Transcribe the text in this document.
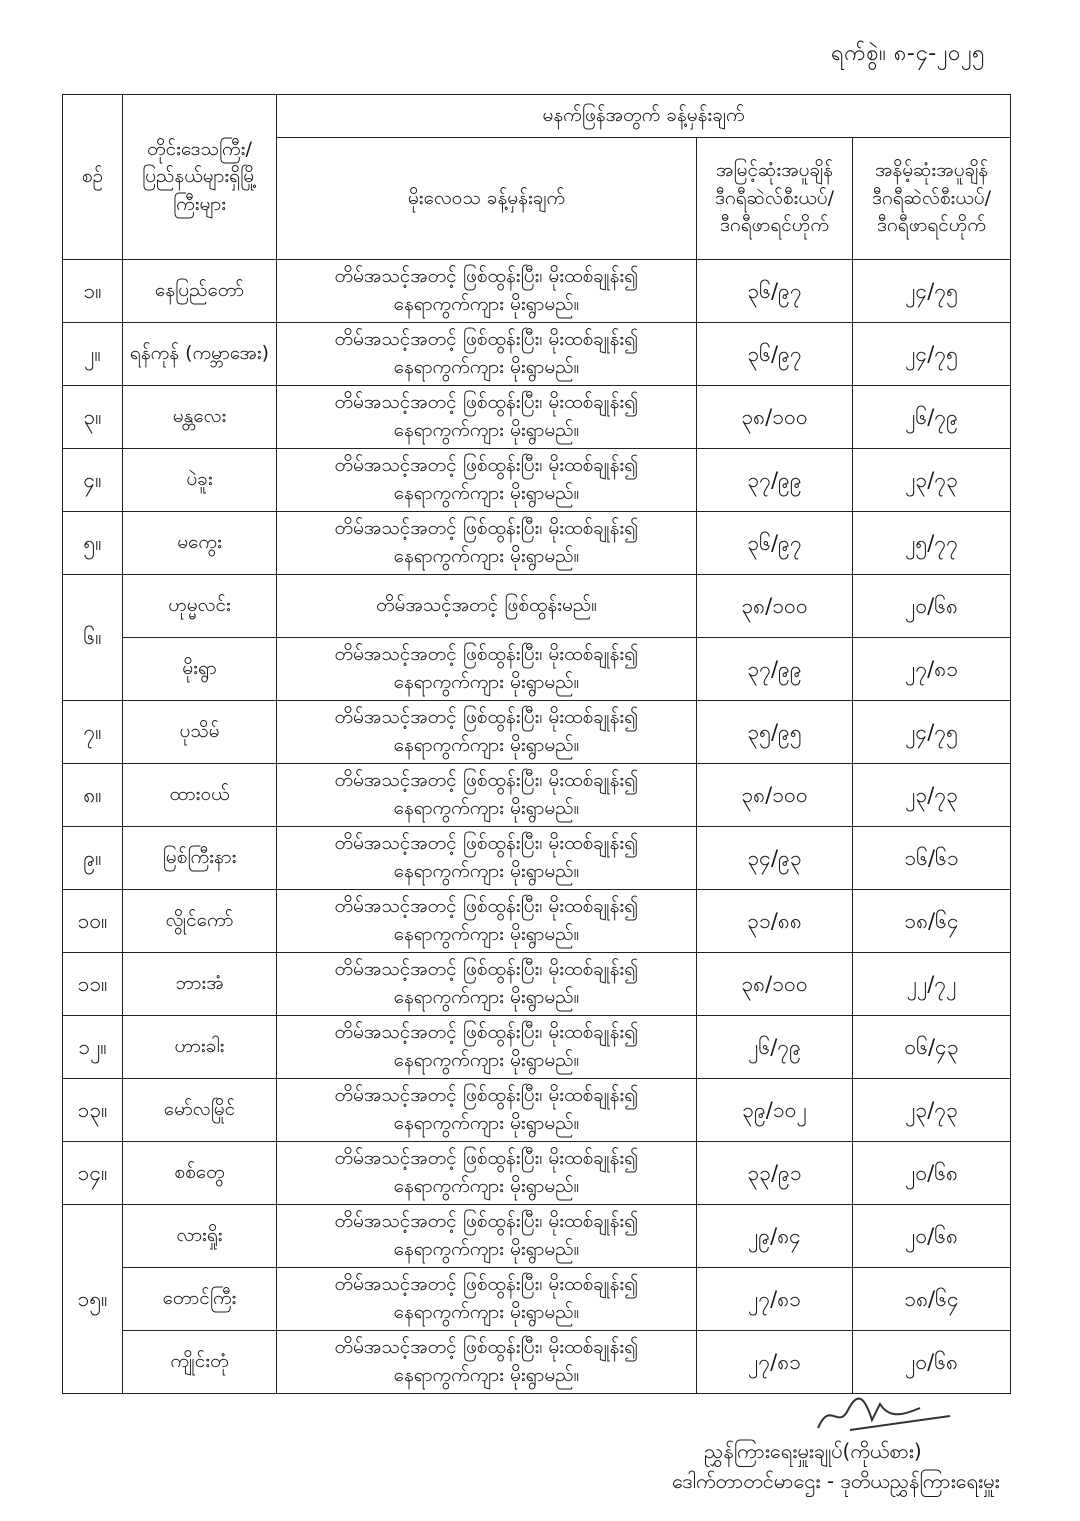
ရက်စွဲ။ ၈-၄-၂၀၂၅
စဉ်	တိုင်းဒေသကြီး/ ပြည်နယ်များရှိမြို့ ကြီးများ	မနက်ဖြန်အတွက် ခန့်မှန်းချက်		
		မိုးလေဝသ ခန့်မှန်းချက်	အမြင့်ဆုံးအပူချိန် ဒီဂရီဆဲလ်စီးယပ်/ ဒီဂရီဖာရင်ဟိုက်	အနိမ့်ဆုံးအပူချိန် ဒီဂရီဆဲလ်စီးယပ်/ ဒီဂရီဖာရင်ဟိုက်
၁။	နေပြည်တော်	တိမ်အသင့်အတင့် ဖြစ်ထွန်းပြီး၊ မိုးထစ်ချုန်း၍
နေရာကွက်ကျား မိုးရွာမည်။	၃၆/၉၇	၂၄/၇၅
၂။	ရန်ကုန် (ကမ္ဘာအေး)	တိမ်အသင့်အတင့် ဖြစ်ထွန်းပြီး၊ မိုးထစ်ချုန်း၍
နေရာကွက်ကျား မိုးရွာမည်။	၃၆/၉၇	၂၄/၇၅
၃။	မန္တလေး	တိမ်အသင့်အတင့် ဖြစ်ထွန်းပြီး၊ မိုးထစ်ချုန်း၍
နေရာကွက်ကျား မိုးရွာမည်။	၃၈/၁၀၀	၂၆/၇၉
၄။	ပဲခူး	တိမ်အသင့်အတင့် ဖြစ်ထွန်းပြီး၊ မိုးထစ်ချုန်း၍
နေရာကွက်ကျား မိုးရွာမည်။	၃၇/၉၉	၂၃/၇၃
၅။	မကွေး	တိမ်အသင့်အတင့် ဖြစ်ထွန်းပြီး၊ မိုးထစ်ချုန်း၍
နေရာကွက်ကျား မိုးရွာမည်။	၃၆/၉၇	၂၅/၇၇
၆။	ဟုမ္မလင်း	တိမ်အသင့်အတင့် ဖြစ်ထွန်းမည်။	၃၈/၁၀၀	၂၀/၆၈
	မိုးရွာ	တိမ်အသင့်အတင့် ဖြစ်ထွန်းပြီး၊ မိုးထစ်ချုန်း၍
နေရာကွက်ကျား မိုးရွာမည်။	၃၇/၉၉	၂၇/၈၁
၇။	ပုသိမ်	တိမ်အသင့်အတင့် ဖြစ်ထွန်းပြီး၊ မိုးထစ်ချုန်း၍
နေရာကွက်ကျား မိုးရွာမည်။	၃၅/၉၅	၂၄/၇၅
၈။	ထားဝယ်	တိမ်အသင့်အတင့် ဖြစ်ထွန်းပြီး၊ မိုးထစ်ချုန်း၍
နေရာကွက်ကျား မိုးရွာမည်။	၃၈/၁၀၀	၂၃/၇၃
၉။	မြစ်ကြီးနား	တိမ်အသင့်အတင့် ဖြစ်ထွန်းပြီး၊ မိုးထစ်ချုန်း၍
နေရာကွက်ကျား မိုးရွာမည်။	၃၄/၉၃	၁၆/၆၁
၁၀။	လွိုင်ကော်	တိမ်အသင့်အတင့် ဖြစ်ထွန်းပြီး၊ မိုးထစ်ချုန်း၍
နေရာကွက်ကျား မိုးရွာမည်။	၃၁/၈၈	၁၈/၆၄
၁၁။	ဘားအံ	တိမ်အသင့်အတင့် ဖြစ်ထွန်းပြီး၊ မိုးထစ်ချုန်း၍
နေရာကွက်ကျား မိုးရွာမည်။	၃၈/၁၀၀	၂၂/၇၂
၁၂။	ဟားခါး	တိမ်အသင့်အတင့် ဖြစ်ထွန်းပြီး၊ မိုးထစ်ချုန်း၍
နေရာကွက်ကျား မိုးရွာမည်။	၂၆/၇၉	၀၆/၄၃
၁၃။	မော်လမြိုင်	တိမ်အသင့်အတင့် ဖြစ်ထွန်းပြီး၊ မိုးထစ်ချုန်း၍
နေရာကွက်ကျား မိုးရွာမည်။	၃၉/၁၀၂	၂၃/၇၃
၁၄။	စစ်တွေ	တိမ်အသင့်အတင့် ဖြစ်ထွန်းပြီး၊ မိုးထစ်ချုန်း၍
နေရာကွက်ကျား မိုးရွာမည်။	၃၃/၉၁	၂၀/၆၈
၁၅။	လားရှိုး	တိမ်အသင့်အတင့် ဖြစ်ထွန်းပြီး၊ မိုးထစ်ချုန်း၍
နေရာကွက်ကျား မိုးရွာမည်။	၂၉/၈၄	၂၀/၆၈
	တောင်ကြီး	တိမ်အသင့်အတင့် ဖြစ်ထွန်းပြီး၊ မိုးထစ်ချုန်း၍
နေရာကွက်ကျား မိုးရွာမည်။	၂၇/၈၁	၁၈/၆၄
	ကျိုင်းတုံ	တိမ်အသင့်အတင့် ဖြစ်ထွန်းပြီး၊ မိုးထစ်ချုန်း၍
နေရာကွက်ကျား မိုးရွာမည်။	၂၇/၈၁	၂၀/၆၈
ညွှန်ကြားရေးမှူးချုပ်(ကိုယ်စား)
ဒေါက်တာတင်မာဌေး - ဒုတိယညွှန်ကြားရေးမှူး
